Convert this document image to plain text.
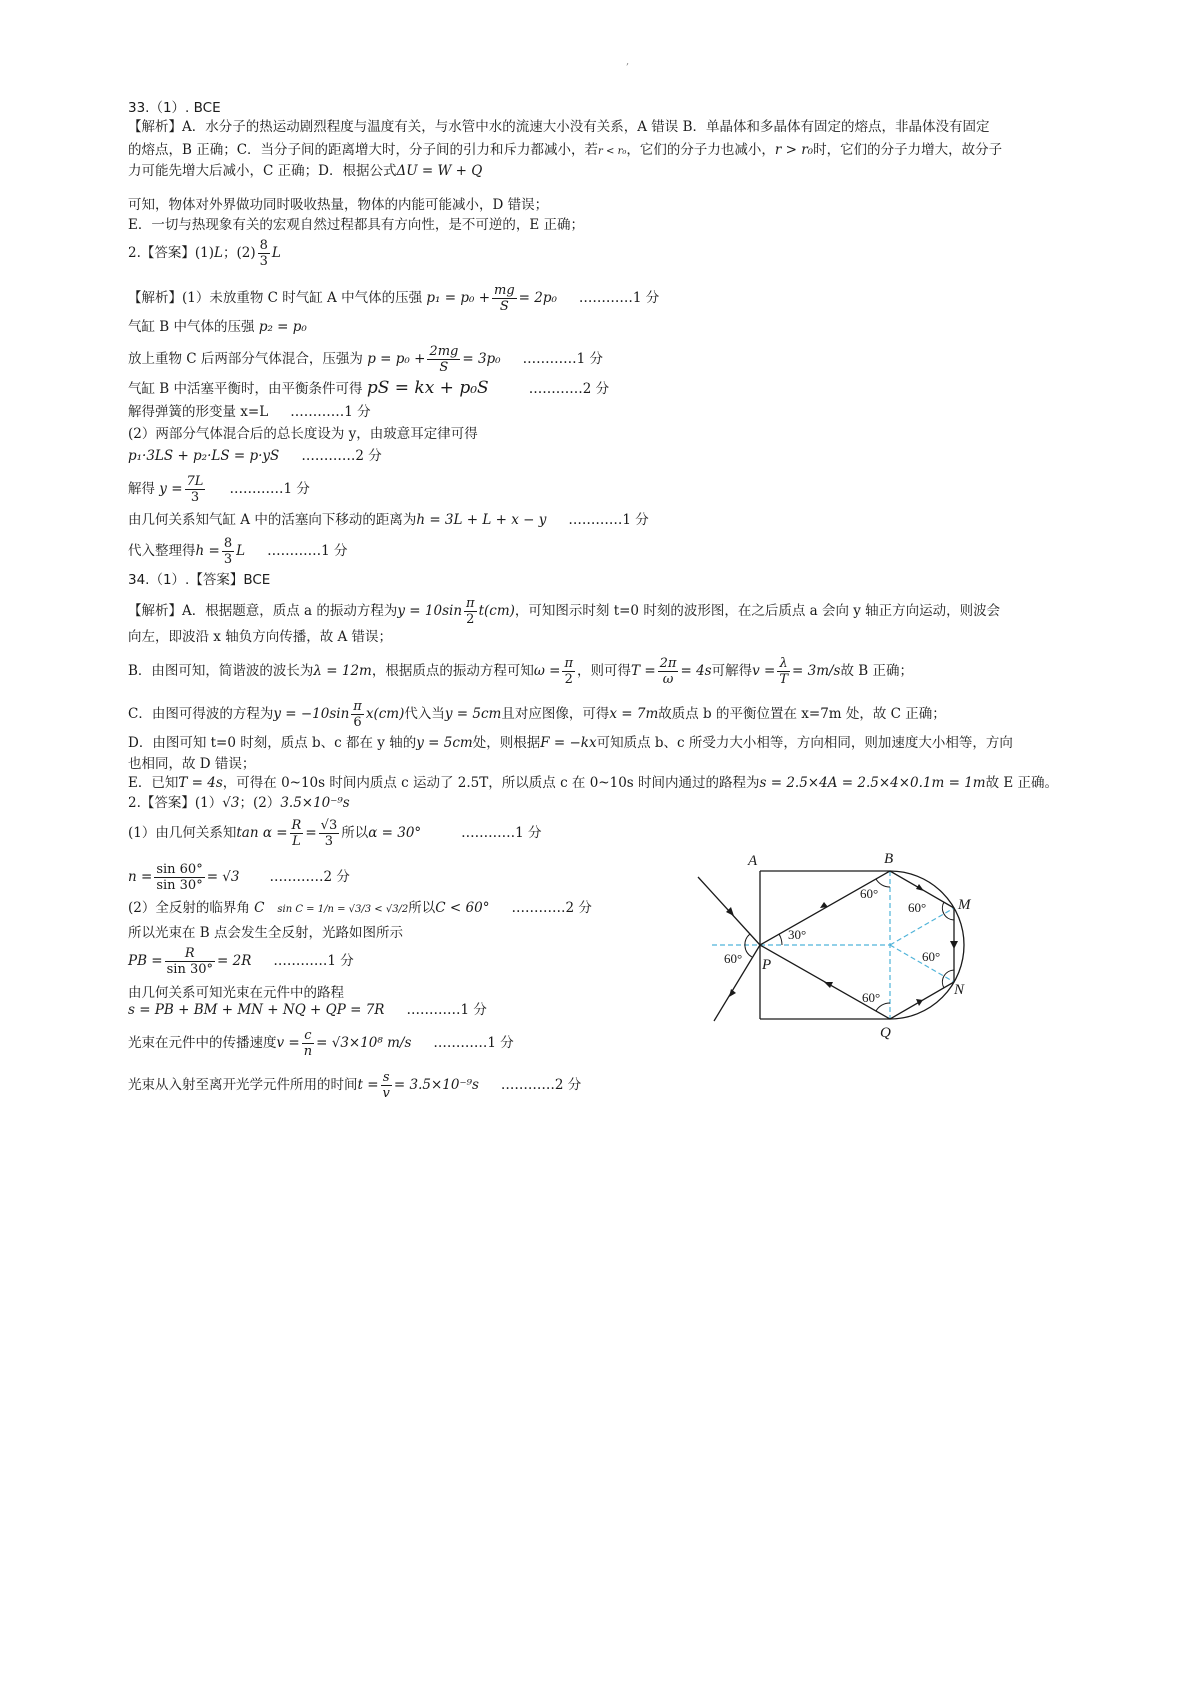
,
33.（1）. BCE
【解析】A．水分子的热运动剧烈程度与温度有关，与水管中水的流速大小没有关系，A 错误 B．单晶体和多晶体有固定的熔点，非晶体没有固定
的熔点，B 正确；C．当分子间的距离增大时，分子间的引力和斥力都减小，若r < r₀，它们的分子力也减小，r > r₀时，它们的分子力增大，故分子
力可能先增大后减小，C 正确；D．根据公式ΔU = W + Q
可知，物体对外界做功同时吸收热量，物体的内能可能减小，D 错误；
E．一切与热现象有关的宏观自然过程都具有方向性，是不可逆的，E 正确；
2.【答案】(1)L；$(2) \frac{8}{3}$ L
【解析】(1）未放重物 C 时气缸 A 中气体的压强 $p_1 = p_0 + \frac{mg}{S} = 2p_0$ …………1 分
气缸 B 中气体的压强 p₂ = p₀
放上重物 C 后两部分气体混合，压强为 $p = p_0 + \frac{2mg}{S} = 3p_0$ …………1 分
气缸 B 中活塞平衡时，由平衡条件可得 pS = kx + p₀S	…………2 分
解得弹簧的形变量 x=L …………1 分
(2）两部分气体混合后的总长度设为 y，由玻意耳定律可得
p₁·3LS + p₂·LS = p·yS …………2 分
解得 $y = \frac{7L}{3}$ …………1 分
由几何关系知气缸 A 中的活塞向下移动的距离为h = 3L + L + x − y …………1 分
代入整理得$h = \frac{8}{3}$ L …………1 分
34.（1）.【答案】BCE
【解析】A．根据题意，质点 a 的振动方程为$y = 10\sin \frac{\pi}{2} t(cm)$，可知图示时刻 t=0 时刻的波形图，在之后质点 a 会向 y 轴正方向运动，则波会
向左，即波沿 x 轴负方向传播，故 A 错误；
B．由图可知，简谐波的波长为λ = 12m，根据质点的振动方程可知$\omega = \frac{\pi}{2}$ ，则可得$T = \frac{2\pi}{\omega} = 4s$可解得$v = \frac{\lambda}{T} = 3m/s$故 B 正确；
C．由图可得波的方程为$y = -10\sin \frac{\pi}{6} x(cm)$代入当y = 5cm且对应图像，可得x = 7m故质点 b 的平衡位置在 x=7m 处，故 C 正确；
D．由图可知 t=0 时刻，质点 b、c 都在 y 轴的y = 5cm处，则根据F = −kx可知质点 b、c 所受力大小相等，方向相同，则加速度大小相等，方向
也相同，故 D 错误；
E．已知T = 4s，可得在 0~10s 时间内质点 c 运动了 2.5T，所以质点 c 在 0~10s 时间内通过的路程为s = 2.5×4A = 2.5×4×0.1m = 1m故 E 正确。
2.【答案】(1）√3；(2）3.5×10⁻⁹s
(1）由几何关系知$\tan \alpha = \frac{R}{L} = \frac{√3}{3}$ 所以α = 30°	…………1 分
$n = \frac{\sin 60^\circ}{\sin 30^\circ} = √3$ …………2 分
(2）全反射的临界角 C sin C = 1/n = √3/3 < √3/2所以C < 60° …………2 分
所以光束在 B 点会发生全反射，光路如图所示
PB = $\frac{R}{\sin 30^\circ} = 2R$ …………1 分
由几何关系可知光束在元件中的路程
s = PB + BM + MN + NQ + QP = 7R …………1 分
光束在元件中的传播速度$v = \frac{c}{n} = √3\times 10^8$ m/s …………1 分
光束从入射至离开光学元件所用的时间$t = \frac{s}{v} = 3.5\times 10^{-9}s$ …………2 分
A	B
M
N
P
Q
60°
60°
60°
60°
30°
60°
